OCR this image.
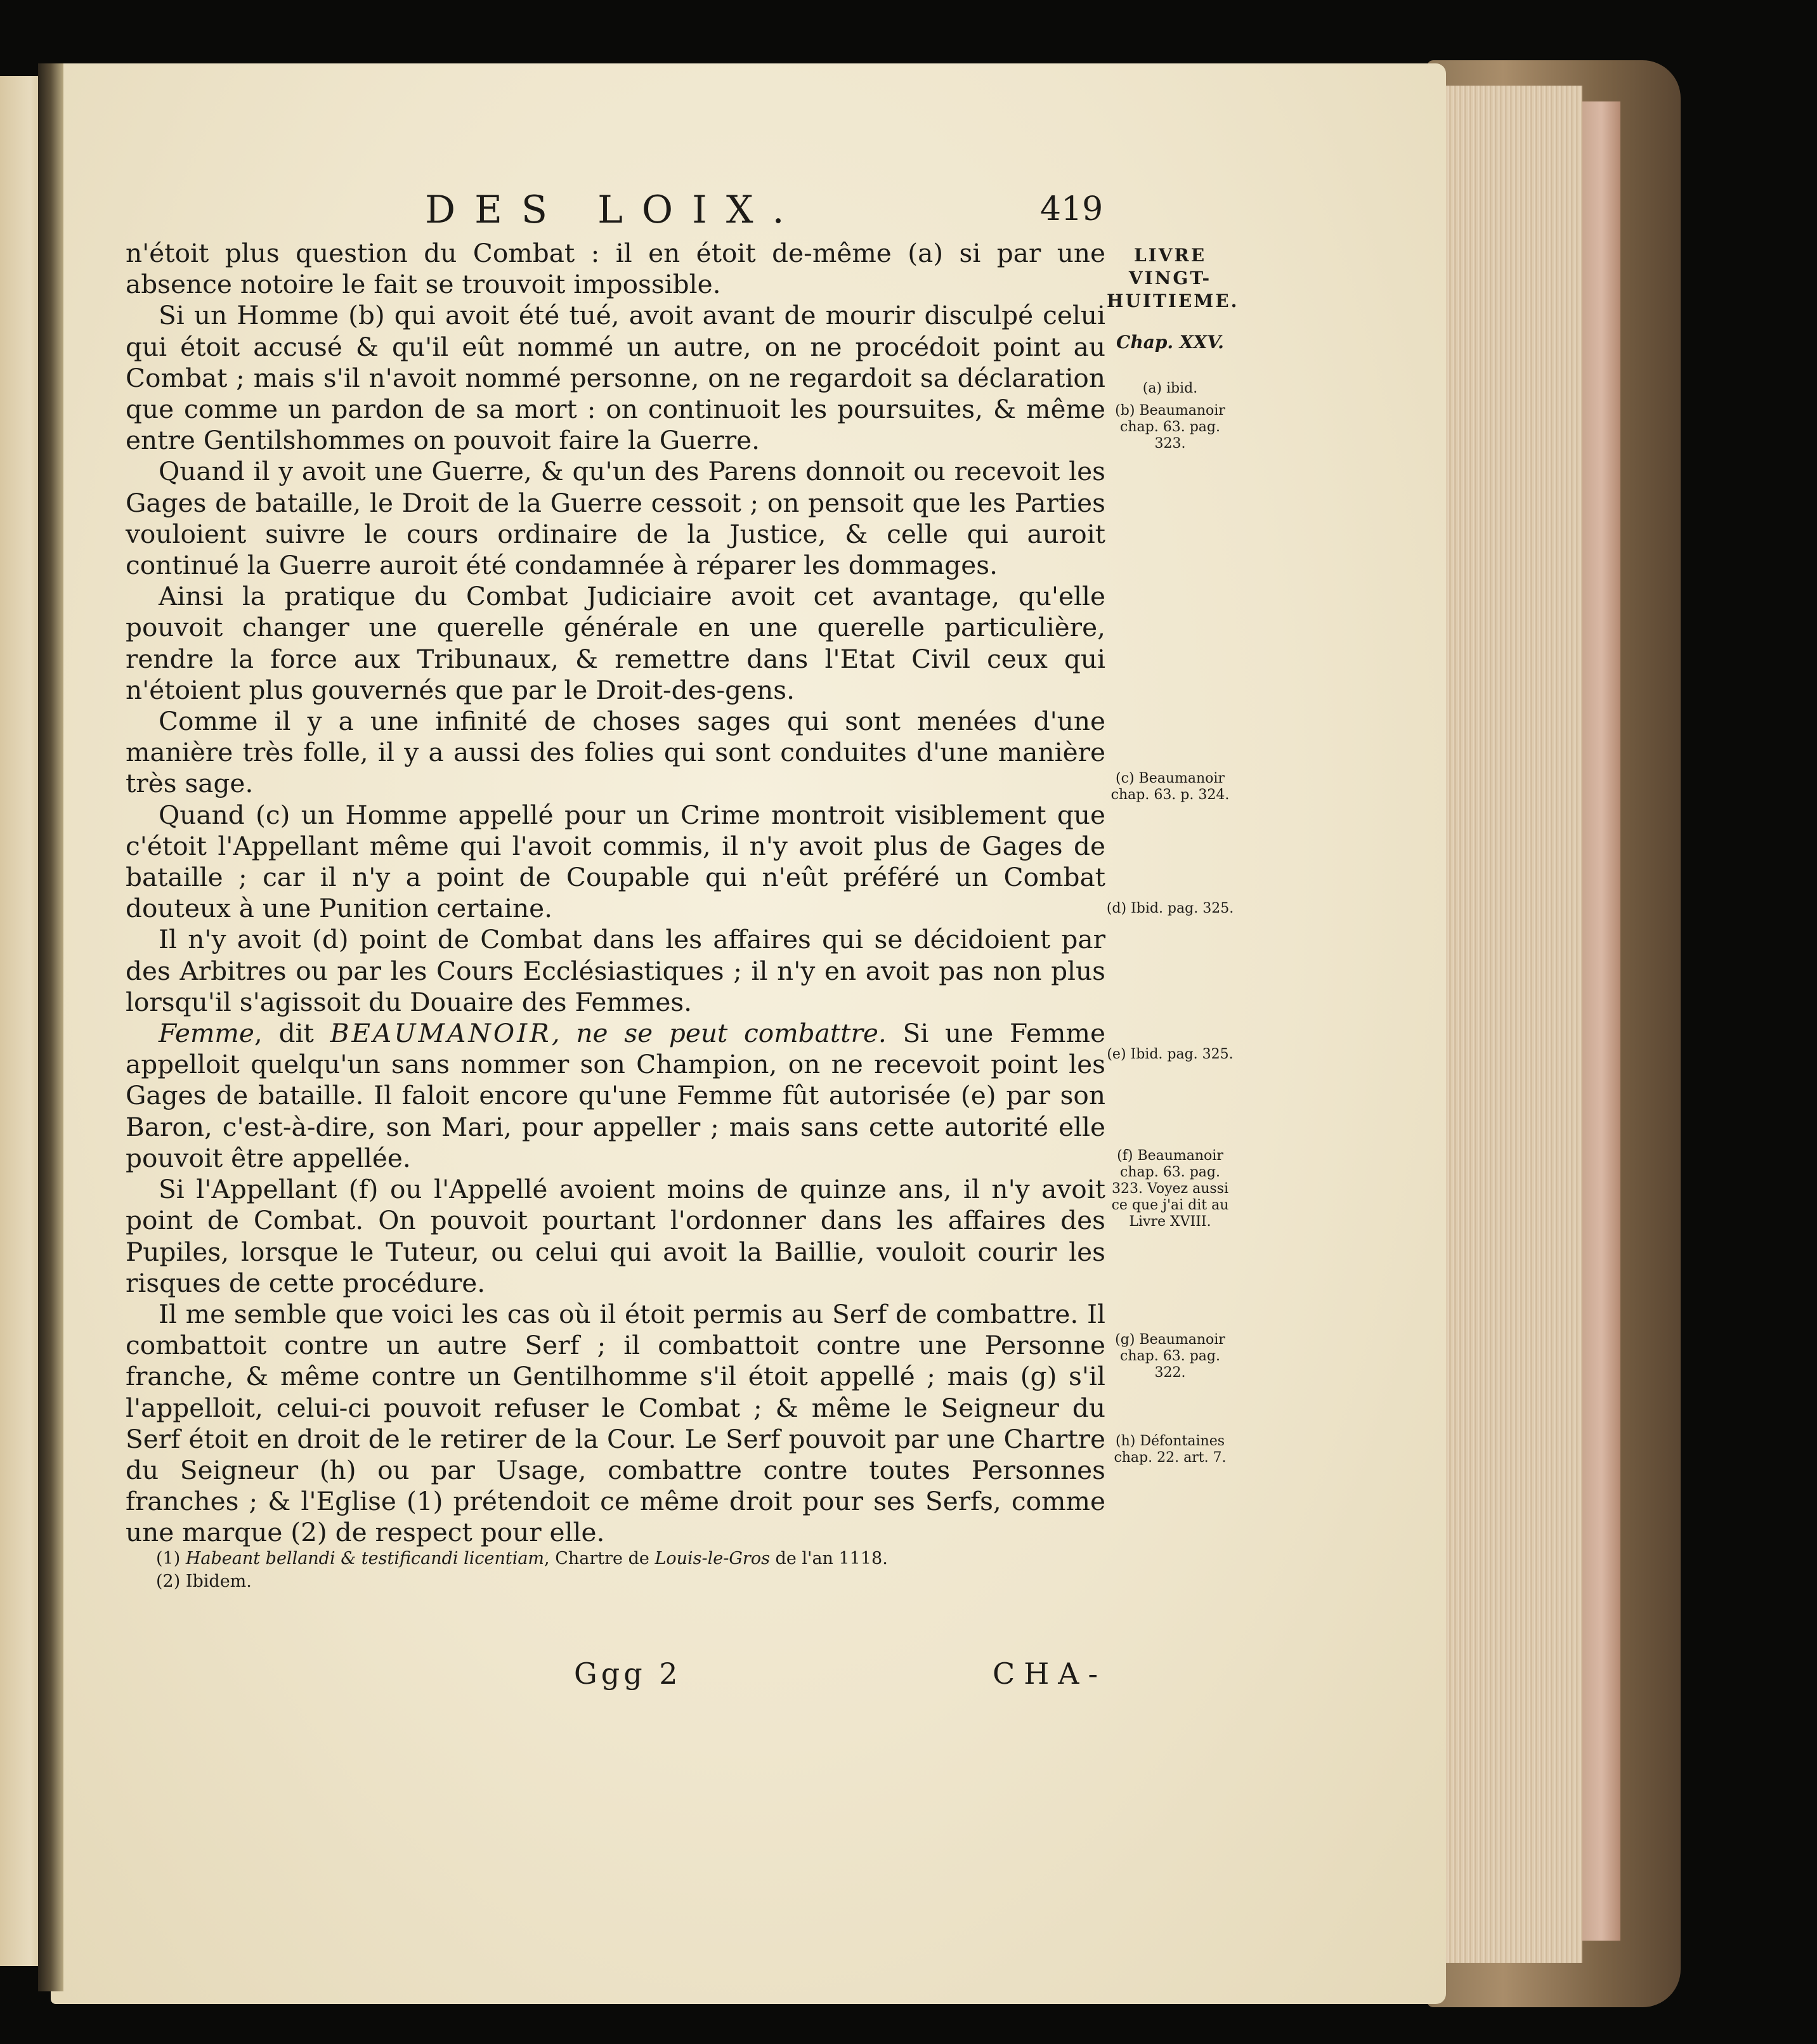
DES LOIX.	419

n'étoit plus question du Combat : il en étoit de-même (a) si par une absence notoire le fait se trouvoit impossible.

Si un Homme (b) qui avoit été tué, avoit avant de mourir disculpé celui qui étoit accusé & qu'il eût nommé un autre, on ne procédoit point au Combat ; mais s'il n'avoit nommé personne, on ne regardoit sa déclaration que comme un pardon de sa mort : on continuoit les poursuites, & même entre Gentilshommes on pouvoit faire la Guerre.

Quand il y avoit une Guerre, & qu'un des Parens donnoit ou recevoit les Gages de bataille, le Droit de la Guerre cessoit ; on pensoit que les Parties vouloient suivre le cours ordinaire de la Justice, & celle qui auroit continué la Guerre auroit été condamnée à réparer les dommages.

Ainsi la pratique du Combat Judiciaire avoit cet avantage, qu'elle pouvoit changer une querelle générale en une querelle particulière, rendre la force aux Tribunaux, & remettre dans l'Etat Civil ceux qui n'étoient plus gouvernés que par le Droit-des-gens.

Comme il y a une infinité de choses sages qui sont menées d'une manière très folle, il y a aussi des folies qui sont conduites d'une manière très sage.

Quand (c) un Homme appellé pour un Crime montroit visiblement que c'étoit l'Appellant même qui l'avoit commis, il n'y avoit plus de Gages de bataille ; car il n'y a point de Coupable qui n'eût préféré un Combat douteux à une Punition certaine.

Il n'y avoit (d) point de Combat dans les affaires qui se décidoient par des Arbitres ou par les Cours Ecclésiastiques ; il n'y en avoit pas non plus lorsqu'il s'agissoit du Douaire des Femmes.

Femme, dit BEAUMANOIR, ne se peut combattre. Si une Femme appelloit quelqu'un sans nommer son Champion, on ne recevoit point les Gages de bataille. Il faloit encore qu'une Femme fût autorisée (e) par son Baron, c'est-à-dire, son Mari, pour appeller ; mais sans cette autorité elle pouvoit être appellée.

Si l'Appellant (f) ou l'Appellé avoient moins de quinze ans, il n'y avoit point de Combat. On pouvoit pourtant l'ordonner dans les affaires des Pupiles, lorsque le Tuteur, ou celui qui avoit la Baillie, vouloit courir les risques de cette procédure.

Il me semble que voici les cas où il étoit permis au Serf de combattre. Il combattoit contre un autre Serf ; il combattoit contre une Personne franche, & même contre un Gentilhomme s'il étoit appellé ; mais (g) s'il l'appelloit, celui-ci pouvoit refuser le Combat ; & même le Seigneur du Serf étoit en droit de le retirer de la Cour. Le Serf pouvoit par une Chartre du Seigneur (h) ou par Usage, combattre contre toutes Personnes franches ; & l'Eglise (1) prétendoit ce même droit pour ses Serfs, comme une marque (2) de respect pour elle.

LIVRE VINGT-HUITIEME.
Chap. XXV.
(a) ibid.
(b) Beaumanoir chap. 63. pag. 323.
(c) Beaumanoir chap. 63. p. 324.
(d) Ibid. pag. 325.
(e) Ibid. pag. 325.
(f) Beaumanoir chap. 63. pag. 323. Voyez aussi ce que j'ai dit au Livre XVIII.
(g) Beaumanoir chap. 63. pag. 322.
(h) Défontaines chap. 22. art. 7.
(1) Habeant bellandi & testificandi licentiam, Chartre de Louis-le-Gros de l'an 1118.
(2) Ibidem.
Ggg 2	CHA-
